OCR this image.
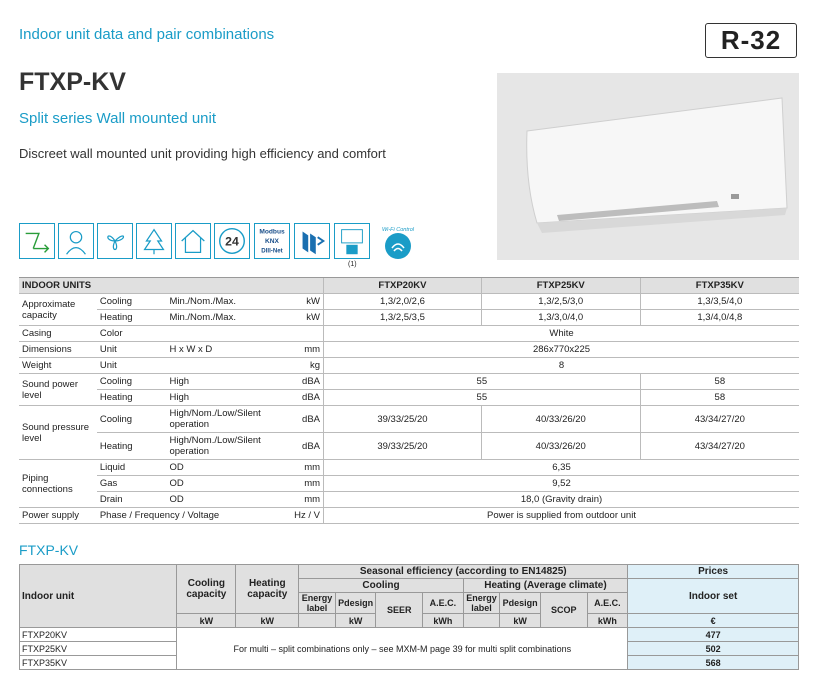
Indoor unit data and pair combinations
FTXP-KV
Split series Wall mounted unit
Discreet wall mounted unit providing high efficiency and comfort
R-32
24
Modbus
KNX
DIII-Net
(1)
Wi-Fi Control
INDOOR UNITS				FTXP20KV	FTXP25KV	FTXP35KV
Approximate capacity	Cooling	Min./Nom./Max.	kW	1,3/2,0/2,6	1,3/2,5/3,0	1,3/3,5/4,0
	Heating	Min./Nom./Max.	kW	1,3/2,5/3,5	1,3/3,0/4,0	1,3/4,0/4,8
Casing	Color			White		
Dimensions	Unit	H x W x D	mm	286x770x225		
Weight	Unit		kg	8		
Sound power level	Cooling	High	dBA	55		58
	Heating	High	dBA	55		58
Sound pressure level	Cooling	High/Nom./Low/Silent operation	dBA	39/33/25/20	40/33/26/20	43/34/27/20
	Heating	High/Nom./Low/Silent operation	dBA	39/33/25/20	40/33/26/20	43/34/27/20
Piping connections	Liquid	OD	mm	6,35		
	Gas	OD	mm	9,52		
	Drain	OD	mm	18,0 (Gravity drain)		
Power supply	Phase / Frequency / Voltage		Hz / V	Power is supplied from outdoor unit		
FTXP-KV
Indoor unit	Cooling capacity	Heating capacity	Seasonal efficiency (according to EN14825)								Prices
			Cooling				Heating (Average climate)				Indoor set
			Energy label	Pdesign	SEER	A.E.C.	Energy label	Pdesign	SCOP	A.E.C.	
	kW	kW		kW		kWh		kW		kWh	€
FTXP20KV	For multi – split combinations only – see MXM-M page 39 for multi split combinations										477
FTXP25KV											502
FTXP35KV											568
